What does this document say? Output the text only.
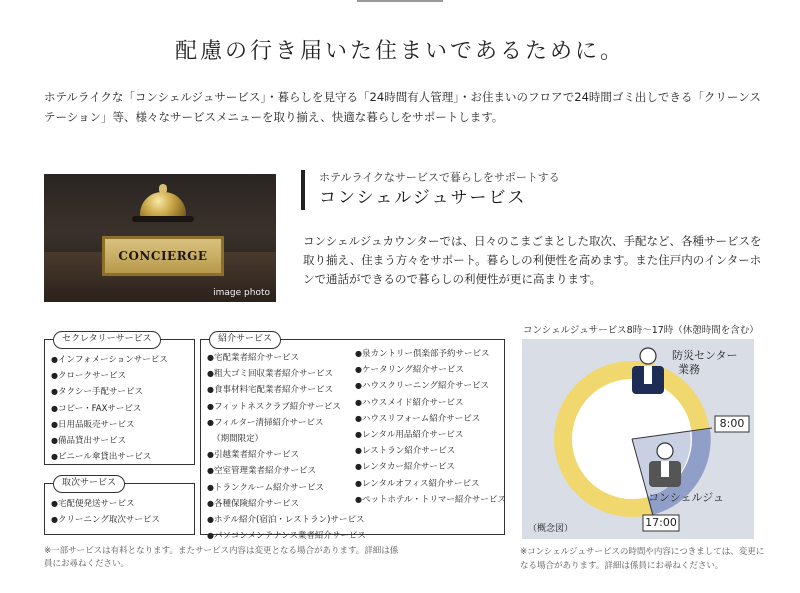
配慮の行き届いた住まいであるために。
ホテルライクな「コンシェルジュサービス」・暮らしを見守る「24時間有人管理」・お住まいのフロアで24時間ゴミ出しできる「クリーンステーション」等、様々なサービスメニューを取り揃え、快適な暮らしをサポートします。
CONCIERGE
image photo
ホテルライクなサービスで暮らしをサポートする
コンシェルジュサービス
コンシェルジュカウンターでは、日々のこまごまとした取次、手配など、各種サービスを取り揃え、住まう方々をサポート。暮らしの利便性を高めます。また住戸内のインターホンで通話ができるので暮らしの利便性が更に高まります。
セクレタリーサービス
●インフォメーションサービス
●クロークサービス
●タクシー手配サービス
●コピー・FAXサービス
●日用品販売サービス
●備品貸出サービス
●ビニール傘貸出サービス
取次サービス
●宅配便発送サービス
●クリーニング取次サービス
紹介サービス
●宅配業者紹介サービス
●粗大ゴミ回収業者紹介サービス
●食事材料宅配業者紹介サービス
●フィットネスクラブ紹介サービス
●フィルター清掃紹介サービス
（期間限定）
●引越業者紹介サービス
●空室管理業者紹介サービス
●トランクルーム紹介サービス
●各種保険紹介サービス
●ホテル紹介(宿泊・レストラン)サービス
●パソコンメンテナンス業者紹介サービス
●泉カントリー倶楽部予約サービス
●ケータリング紹介サービス
●ハウスクリーニング紹介サービス
●ハウスメイド紹介サービス
●ハウスリフォーム紹介サービス
●レンタル用品紹介サービス
●レストラン紹介サービス
●レンタカー紹介サービス
●レンタルオフィス紹介サービス
●ペットホテル・トリマー紹介サービス
※一部サービスは有料となります。またサービス内容は変更となる場合があります。詳細は係員にお尋ねください。
コンシェルジュサービス8時～17時（休憩時間を含む）
防災センター
業務
コンシェルジュ
8:00
17:00
（概念図）
※コンシェルジュサービスの時間や内容につきましては、変更になる場合があります。詳細は係員にお尋ねください。
